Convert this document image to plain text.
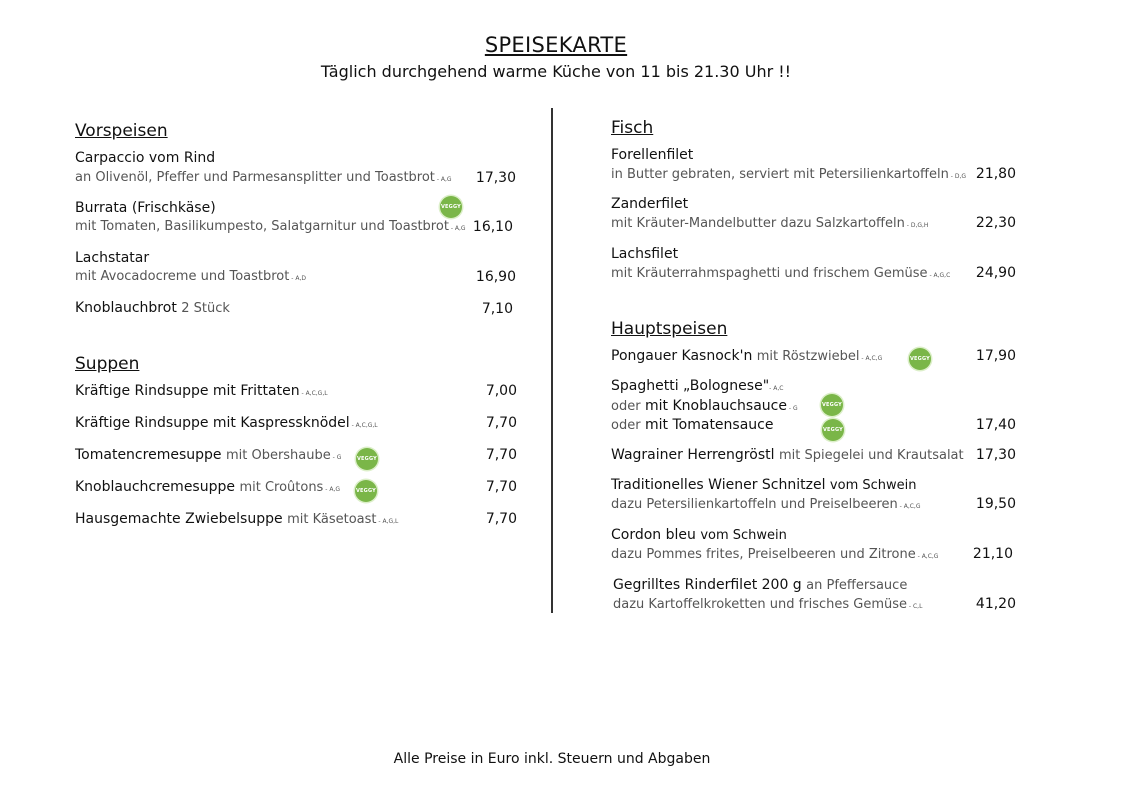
SPEISEKARTE
Täglich durchgehend warme Küche von 11 bis 21.30 Uhr !!
Vorspeisen
Carpaccio vom Rind
an Olivenöl, Pfeffer und Parmesansplitter und Toastbrot - A,G	17,30
Burrata (Frischkäse)	VEGGY
mit Tomaten, Basilikumpesto, Salatgarnitur und Toastbrot - A,G 16,10
Lachstatar
mit Avocadocreme und Toastbrot - A,D	16,90
Knoblauchbrot 2 Stück	7,10
Suppen
Kräftige Rindsuppe mit Frittaten - A,C,G,L	7,00
Kräftige Rindsuppe mit Kaspressknödel - A,C,G,L	7,70
Tomatencremesuppe mit Obershaube - G	VEGGY	7,70
Knoblauchcremesuppe mit Croûtons - A,G	VEGGY	7,70
Hausgemachte Zwiebelsuppe mit Käsetoast - A,G,L	7,70
Fisch
Forellenfilet
in Butter gebraten, serviert mit Petersilienkartoffeln - D,G 21,80
Zanderfilet
mit Kräuter-Mandelbutter dazu Salzkartoffeln - D,G,H	22,30
Lachsfilet
mit Kräuterrahmspaghetti und frischem Gemüse - A,G,C	24,90
Hauptspeisen
Pongauer Kasnock'n mit Röstzwiebel - A,C,G	VEGGY	17,90
Spaghetti „Bolognese"- A,C
oder mit Knoblauchsauce - G	VEGGY
oder mit Tomatensauce	VEGGY	17,40
Wagrainer Herrengröstl mit Spiegelei und Krautsalat 17,30
Traditionelles Wiener Schnitzel vom Schwein
dazu Petersilienkartoffeln und Preiselbeeren - A,C,G	19,50
Cordon bleu vom Schwein
dazu Pommes frites, Preiselbeeren und Zitrone - A,C,G	21,10
Gegrilltes Rinderfilet 200 g an Pfeffersauce
dazu Kartoffelkroketten und frisches Gemüse - C,L	41,20
Alle Preise in Euro inkl. Steuern und Abgaben
